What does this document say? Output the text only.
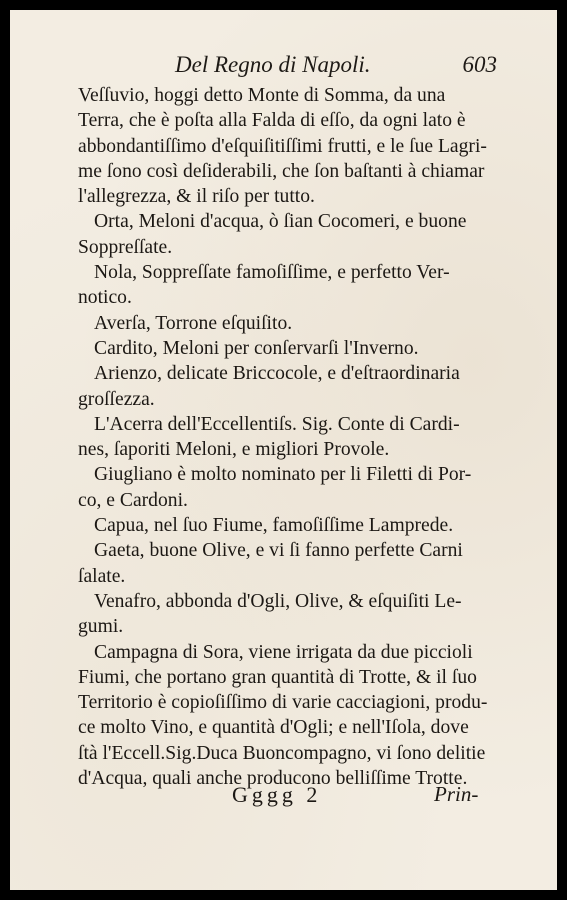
Del Regno di Napoli.	603
Veſſuvio, hoggi detto Monte di Somma, da una
Terra, che è poſta alla Falda di eſſo, da ogni lato è
abbondantiſſimo d'eſquiſitiſſimi frutti, e le ſue Lagri-
me ſono così deſiderabili, che ſon baſtanti à chiamar
l'allegrezza, & il riſo per tutto.
Orta, Meloni d'acqua, ò ſian Cocomeri, e buone
Soppreſſate.
Nola, Soppreſſate famoſiſſime, e perfetto Ver-
notico.
Averſa, Torrone eſquiſito.
Cardito, Meloni per conſervarſi l'Inverno.
Arienzo, delicate Briccocole, e d'eſtraordinaria
groſſezza.
L'Acerra dell'Eccellentiſs. Sig. Conte di Cardi-
nes, ſaporiti Meloni, e migliori Provole.
Giugliano è molto nominato per li Filetti di Por-
co, e Cardoni.
Capua, nel ſuo Fiume, famoſiſſime Lamprede.
Gaeta, buone Olive, e vi ſi fanno perfette Carni
ſalate.
Venafro, abbonda d'Ogli, Olive, & eſquiſiti Le-
gumi.
Campagna di Sora, viene irrigata da due piccioli
Fiumi, che portano gran quantità di Trotte, & il ſuo
Territorio è copioſiſſimo di varie cacciagioni, produ-
ce molto Vino, e quantità d'Ogli; e nell'Iſola, dove
ſtà l'Eccell.Sig.Duca Buoncompagno, vi ſono delitie
d'Acqua, quali anche producono belliſſime Trotte.
Gggg 2	Prin-
